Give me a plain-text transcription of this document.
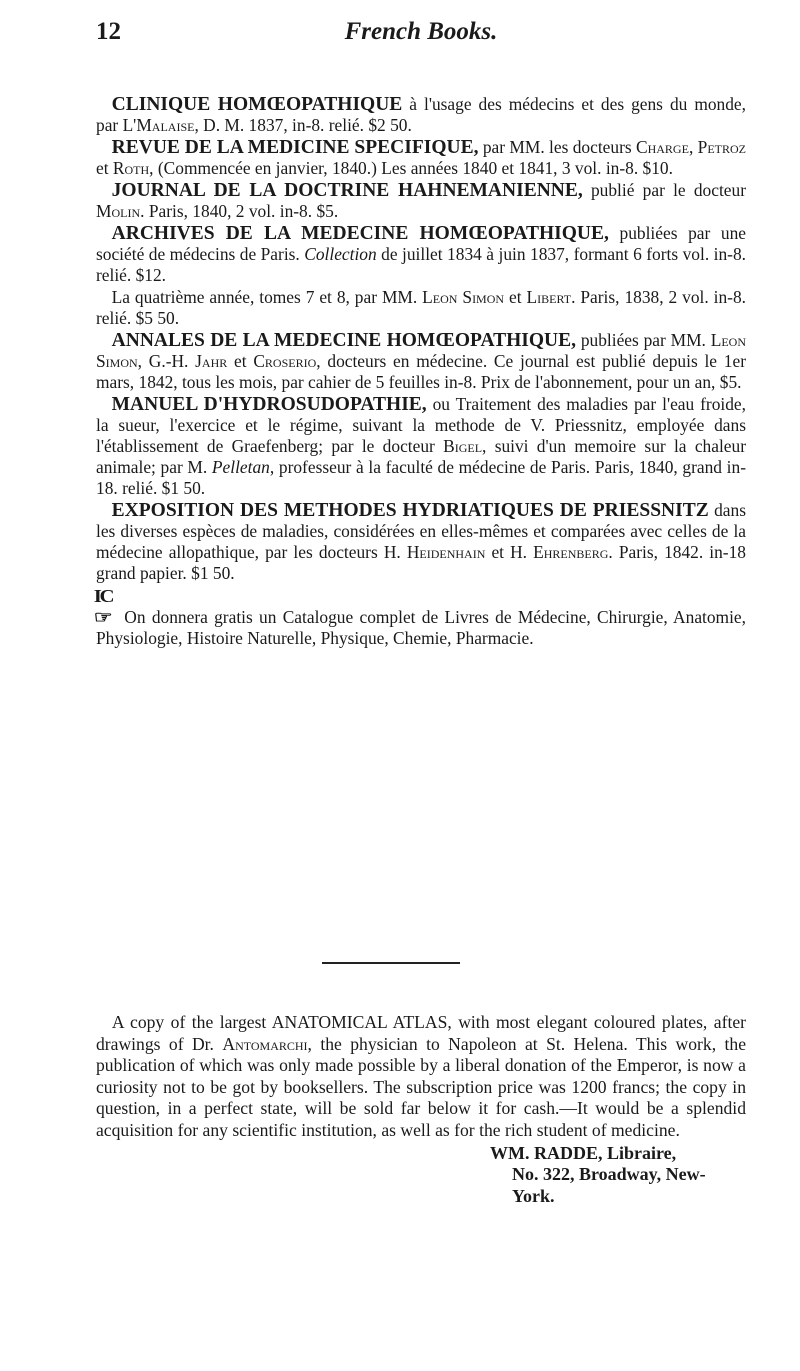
12	French Books.

CLINIQUE HOMŒOPATHIQUE à l'usage des médecins et des gens du monde, par L'Malaise, D. M. 1837, in-8. relié. $2 50.

REVUE DE LA MEDICINE SPECIFIQUE, par MM. les docteurs Charge, Petroz et Roth, (Commencée en janvier, 1840.) Les années 1840 et 1841, 3 vol. in-8. $10.

JOURNAL DE LA DOCTRINE HAHNEMANIENNE, publié par le docteur Molin. Paris, 1840, 2 vol. in-8. $5.

ARCHIVES DE LA MEDECINE HOMŒOPATHIQUE, publiées par une société de médecins de Paris. Collection de juillet 1834 à juin 1837, formant 6 forts vol. in-8. relié. $12.

La quatrième année, tomes 7 et 8, par MM. Leon Simon et Libert. Paris, 1838, 2 vol. in-8. relié. $5 50.

ANNALES DE LA MEDECINE HOMŒOPATHIQUE, publiées par MM. Leon Simon, G.-H. Jahr et Croserio, docteurs en médecine. Ce journal est publié depuis le 1er mars, 1842, tous les mois, par cahier de 5 feuilles in-8. Prix de l'abonnement, pour un an, $5.

MANUEL D'HYDROSUDOPATHIE, ou Traitement des maladies par l'eau froide, la sueur, l'exercice et le régime, suivant la methode de V. Priessnitz, employée dans l'établissement de Graefenberg; par le docteur Bigel, suivi d'un memoire sur la chaleur animale; par M. Pelletan, professeur à la faculté de médecine de Paris. Paris, 1840, grand in-18. relié. $1 50.

EXPOSITION DES METHODES HYDRIATIQUES DE PRIESSNITZ dans les diverses espèces de maladies, considérées en elles-mêmes et comparées avec celles de la médecine allopathique, par les docteurs H. Heidenhain et H. Ehrenberg. Paris, 1842. in-18 grand papier. $1 50.

IC☞ On donnera gratis un Catalogue complet de Livres de Médecine, Chirurgie, Anatomie, Physiologie, Histoire Naturelle, Physique, Chemie, Pharmacie.

A copy of the largest ANATOMICAL ATLAS, with most elegant coloured plates, after drawings of Dr. Antomarchi, the physician to Napoleon at St. Helena. This work, the publication of which was only made possible by a liberal donation of the Emperor, is now a curiosity not to be got by booksellers. The subscription price was 1200 francs; the copy in question, in a perfect state, will be sold far below it for cash.—It would be a splendid acquisition for any scientific institution, as well as for the rich student of medicine.

WM. RADDE, Libraire,
No. 322, Broadway, New-York.
